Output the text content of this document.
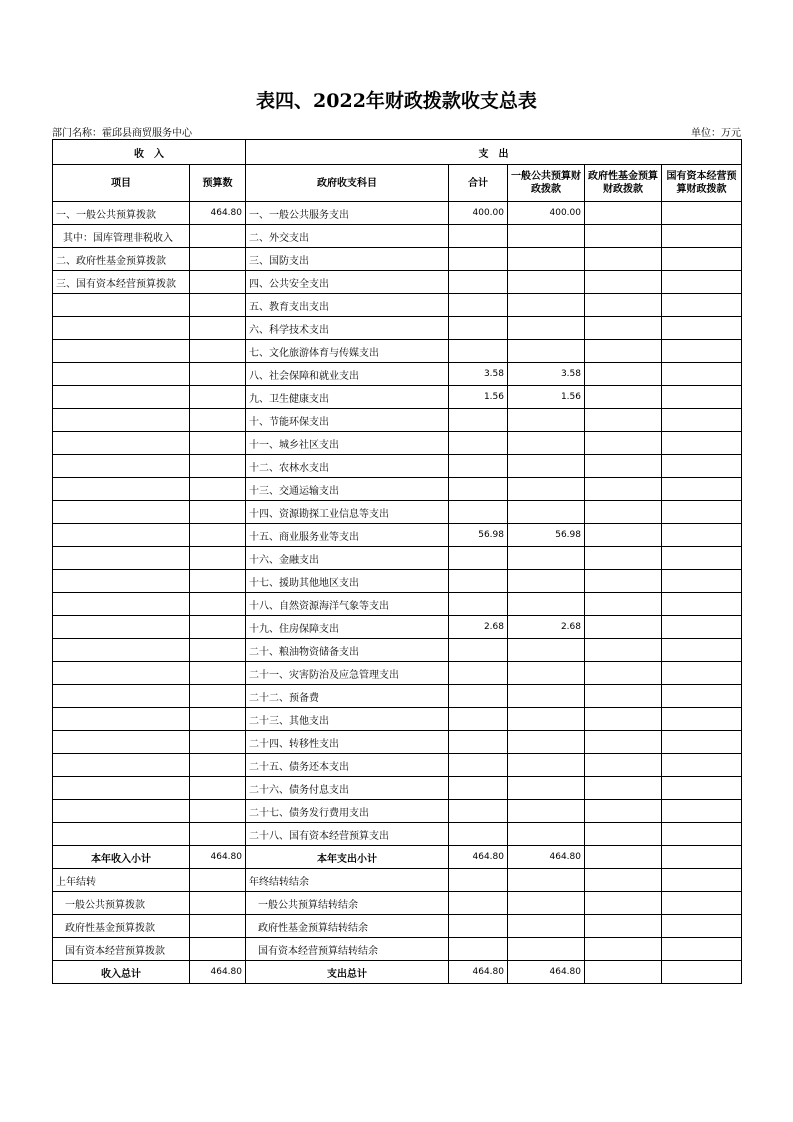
表四、2022年财政拨款收支总表
部门名称：霍邱县商贸服务中心	单位：万元
收　入		支　出				
项目	预算数	政府收支科目	合计	一般公共预算财政拨款	政府性基金预算财政拨款	国有资本经营预算财政拨款
一、一般公共预算拨款	464.80	一、一般公共服务支出	400.00	400.00		
其中：国库管理非税收入		二、外交支出				
二、政府性基金预算拨款		三、国防支出				
三、国有资本经营预算拨款		四、公共安全支出				
		五、教育支出支出				
		六、科学技术支出				
		七、文化旅游体育与传媒支出				
		八、社会保障和就业支出	3.58	3.58		
		九、卫生健康支出	1.56	1.56		
		十、节能环保支出				
		十一、城乡社区支出				
		十二、农林水支出				
		十三、交通运输支出				
		十四、资源勘探工业信息等支出				
		十五、商业服务业等支出	56.98	56.98		
		十六、金融支出				
		十七、援助其他地区支出				
		十八、自然资源海洋气象等支出				
		十九、住房保障支出	2.68	2.68		
		二十、粮油物资储备支出				
		二十一、灾害防治及应急管理支出				
		二十二、预备费				
		二十三、其他支出				
		二十四、转移性支出				
		二十五、债务还本支出				
		二十六、债务付息支出				
		二十七、债务发行费用支出				
		二十八、国有资本经营预算支出				
本年收入小计	464.80	本年支出小计	464.80	464.80		
上年结转		年终结转结余				
一般公共预算拨款		一般公共预算结转结余				
政府性基金预算拨款		政府性基金预算结转结余				
国有资本经营预算拨款		国有资本经营预算结转结余				
收入总计	464.80	支出总计	464.80	464.80		
